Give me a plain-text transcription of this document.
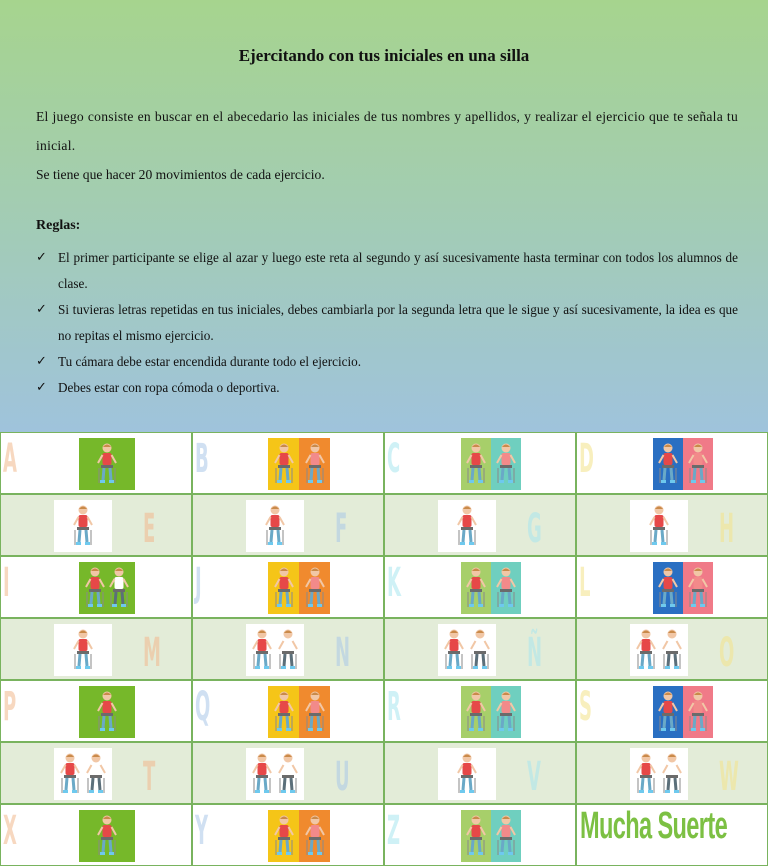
Ejercitando con tus iniciales en una silla
El juego consiste en buscar en el abecedario las iniciales de tus nombres y apellidos, y realizar el ejercicio que te señala tu inicial.
Se tiene que hacer 20 movimientos de cada ejercicio.
Reglas:
✓ El primer participante se elige al azar y luego este reta al segundo y así sucesivamente hasta terminar con todos los alumnos de clase.
✓ Si tuvieras letras repetidas en tus iniciales, debes cambiarla por la segunda letra que le sigue y así sucesivamente, la idea es que no repitas el mismo ejercicio.
✓ Tu cámara debe estar encendida durante todo el ejercicio.
✓ Debes estar con ropa cómoda o deportiva.
A	B	C	D
E	F	G	H
I	J	K	L
M	N	Ñ	O
P	Q	R	S
T	U	V	W
X	Y	Z	Mucha Suerte
